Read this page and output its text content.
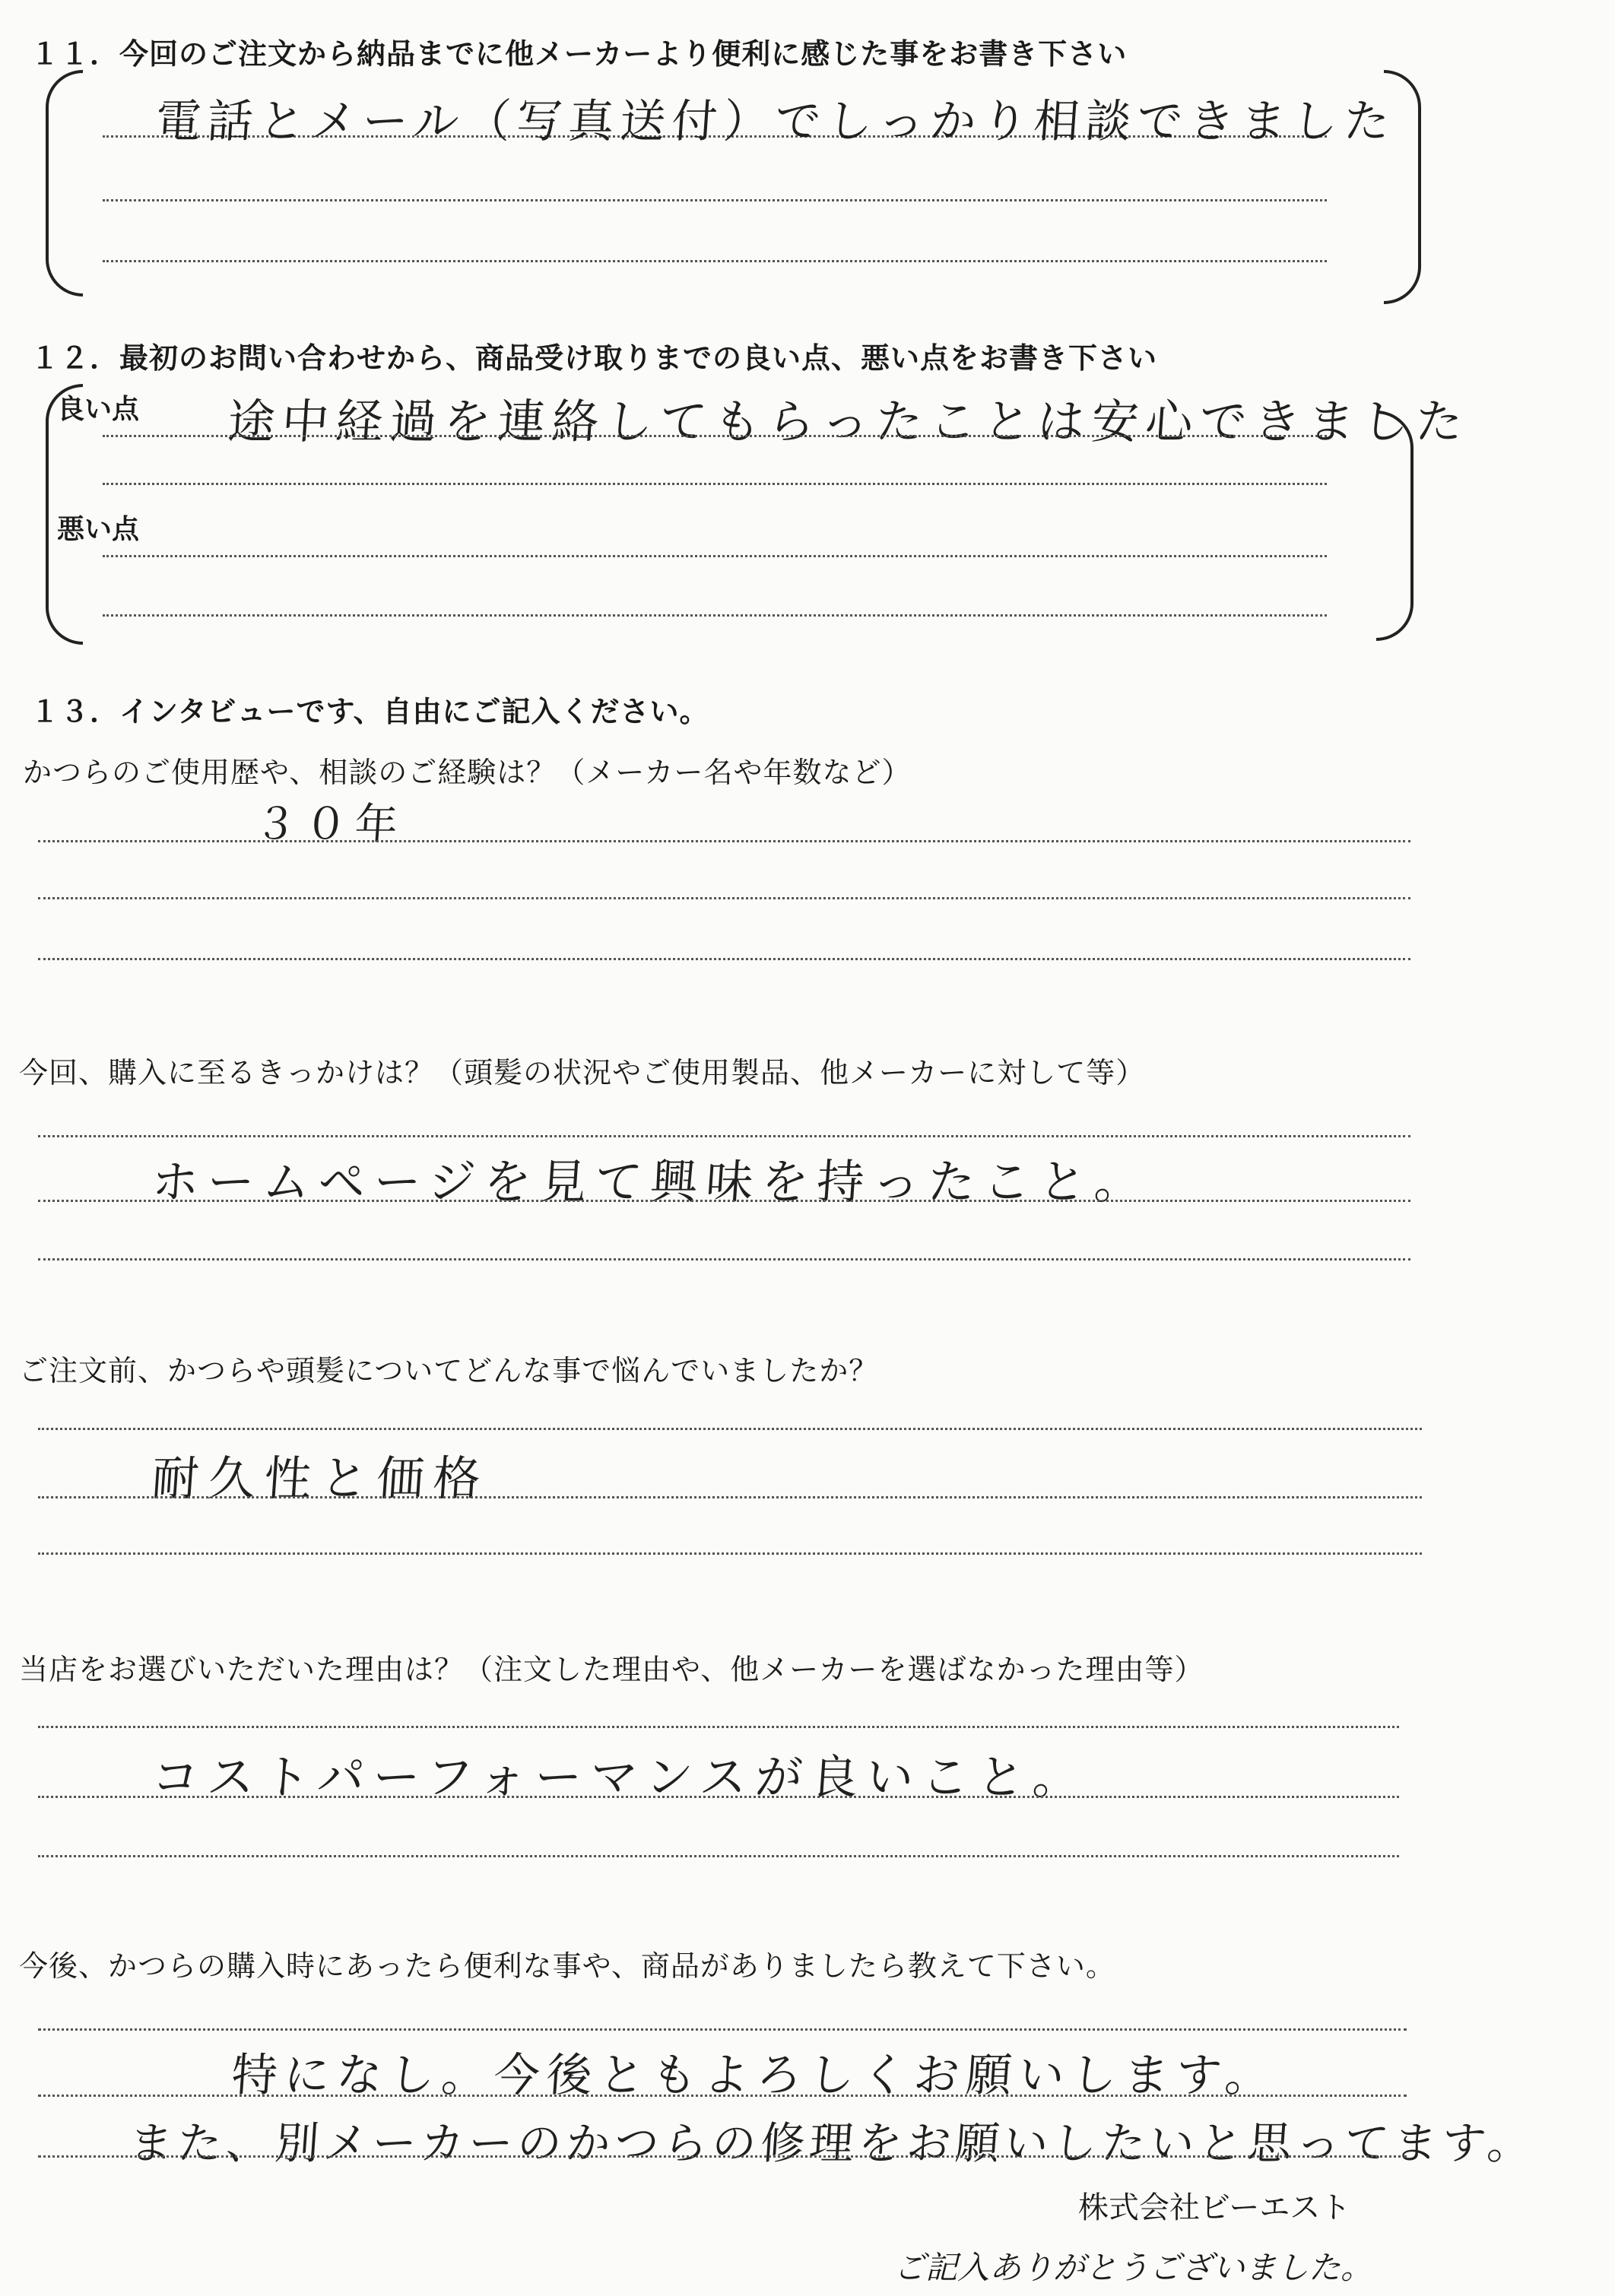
１１．今回のご注文から納品までに他メーカーより便利に感じた事をお書き下さい
電話とメール（写真送付）でしっかり相談できました
１２．最初のお問い合わせから、商品受け取りまでの良い点、悪い点をお書き下さい
良い点 途中経過を連絡してもらったことは安心できました
悪い点
１３．インタビューです、自由にご記入ください。
かつらのご使用歴や、相談のご経験は？（メーカー名や年数など）
３０年
今回、購入に至るきっかけは？（頭髪の状況やご使用製品、他メーカーに対して等）
ホームページを見て興味を持ったこと。
ご注文前、かつらや頭髪についてどんな事で悩んでいましたか？
耐久性と価格
当店をお選びいただいた理由は？（注文した理由や、他メーカーを選ばなかった理由等）
コストパーフォーマンスが良いこと。
今後、かつらの購入時にあったら便利な事や、商品がありましたら教えて下さい。
特になし。今後ともよろしくお願いします。
また、別メーカーのかつらの修理をお願いしたいと思ってます。
株式会社ビーエスト
ご記入ありがとうございました。
